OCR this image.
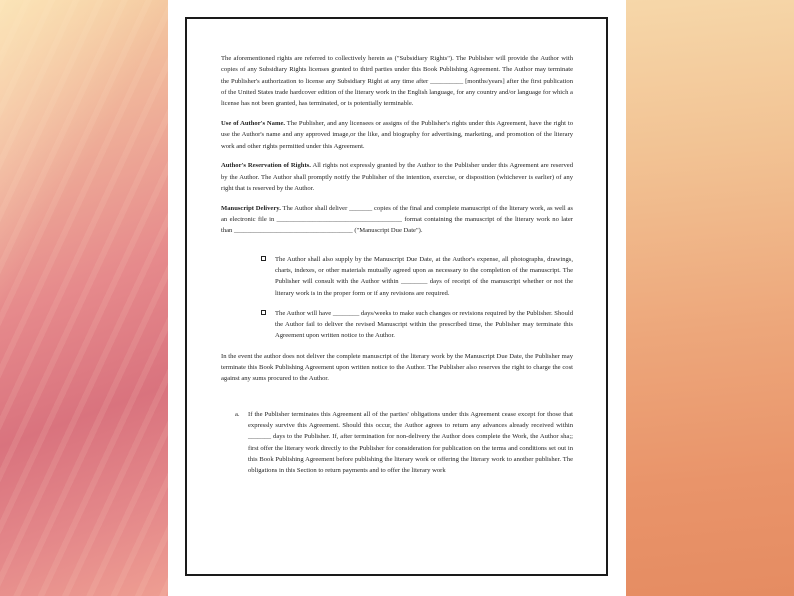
The aforementioned rights are referred to collectively herein as ("Subsidiary Rights"). The Publisher will provide the Author with copies of any Subsidiary Rights licenses granted to third parties under this Book Publishing Agreement. The Author may terminate the Publisher's authorization to license any Subsidiary Right at any time after __________ [months/years] after the first publication of the United States trade hardcover edition of the literary work in the English language, for any country and/or language for which a license has not been granted, has terminated, or is potentially terminable.

Use of Author's Name. The Publisher, and any licensees or assigns of the Publisher's rights under this Agreement, have the right to use the Author's name and any approved image,or the like, and biography for advertising, marketing, and promotion of the literary work and other rights permitted under this Agreement.

Author's Reservation of Rights. All rights not expressly granted by the Author to the Publisher under this Agreement are reserved by the Author. The Author shall promptly notify the Publisher of the intention, exercise, or disposition (whichever is earlier) of any right that is reserved by the Author.

Manuscript Delivery. The Author shall deliver _______ copies of the final and complete manuscript of the literary work, as well as an electronic file in ______________________________________ format containing the manuscript of the literary work no later than ____________________________________ ("Manuscript Due Date").

The Author shall also supply by the Manuscript Due Date, at the Author's expense, all photographs, drawings, charts, indexes, or other materials mutually agreed upon as necessary to the completion of the manuscript. The Publisher will consult with the Author within ________ days of receipt of the manuscript whether or not the literary work is in the proper form or if any revisions are required.
The Author will have ________ days/weeks to make such changes or revisions required by the Publisher. Should the Author fail to deliver the revised Manuscript within the prescribed time, the Publisher may terminate this Agreement upon written notice to the Author.

In the event the author does not deliver the complete manuscript of the literary work by the Manuscript Due Date, the Publisher may terminate this Book Publishing Agreement upon written notice to the Author. The Publisher also reserves the right to charge the cost against any sums procured to the Author.

a. If the Publisher terminates this Agreement all of the parties' obligations under this Agreement cease except for those that expressly survive this Agreement. Should this occur, the Author agrees to return any advances already received within _______ days to the Publisher. If, after termination for non-delivery the Author does complete the Work, the Author sha;; first offer the literary work directly to the Publisher for consideration for publication on the terms and conditions set out in this Book Publishing Agreement before publishing the literary work or offering the literary work to another publisher. The obligations in this Section to return payments and to offer the literary work
